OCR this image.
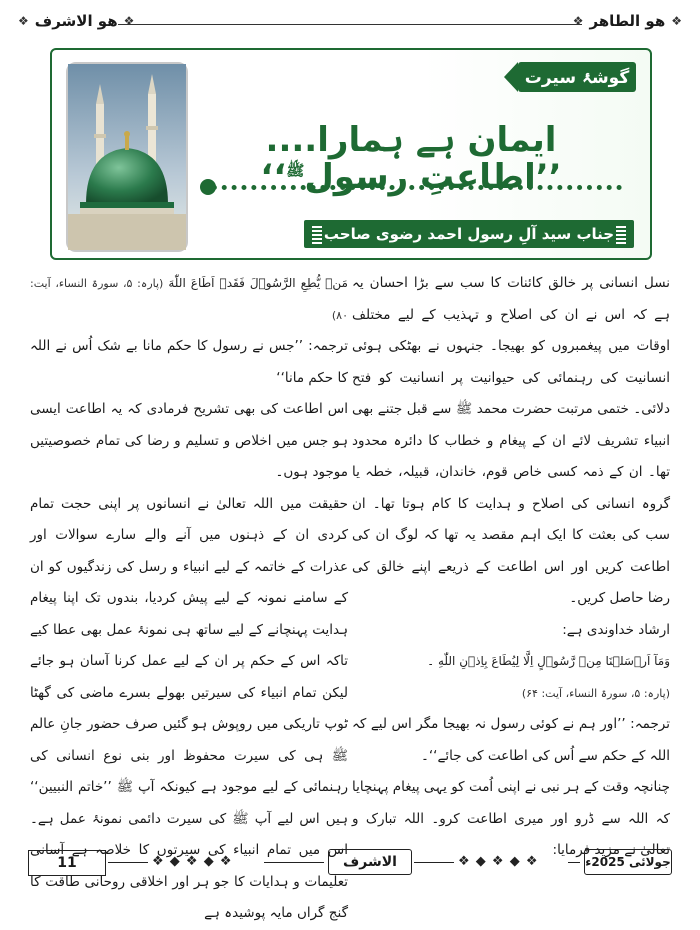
❖
هو الطاهر
❖
❖
هو الاشرف
❖
گوشۂ سیرت
ایمان ہے ہمارا.... ’’اطاعتِ رسول$^ﷺ$‘‘
جناب سید آلِ رسول احمد رضوی صاحب

نسل انسانی پر خالق کائنات کا سب سے بڑا احسان یہ ہے کہ اس نے ان کی اصلاح و تہذیب کے لیے مختلف اوقات میں پیغمبروں کو بھیجا۔ جنہوں نے بھٹکی ہوئی انسانیت کی رہنمائی کی حیوانیت پر انسانیت کو فتح دلائی۔ ختمی مرتبت حضرت محمد ﷺ سے قبل جتنے بھی انبیاء تشریف لائے ان کے پیغام و خطاب کا دائرہ محدود تھا۔ ان کے ذمہ کسی خاص قوم، خاندان، قبیلہ، خطہ یا گروہ انسانی کی اصلاح و ہدایت کا کام ہوتا تھا۔ ان سب کی بعثت کا ایک اہم مقصد یہ تھا کہ لوگ ان کی اطاعت کریں اور اس اطاعت کے ذریعے اپنے خالق کی رضا حاصل کریں۔

ارشاد خداوندی ہے:

وَمَآ اَرۡسَلۡنَا مِنۡ رَّسُوۡلٍ اِلَّا لِیُطَاعَ بِاِذۡنِ اللّٰهِ ۔

(پارہ: ۵، سورۃ النساء، آیت: ۶۴)

ترجمہ: ’’اور ہم نے کوئی رسول نہ بھیجا مگر اس لیے کہ اللہ کے حکم سے اُس کی اطاعت کی جائے‘‘۔

چنانچہ وقت کے ہر نبی نے اپنی اُمت کو یہی پیغام پہنچایا کہ اللہ سے ڈرو اور میری اطاعت کرو۔ اللہ تبارک و تعالیٰ نے مزید فرمایا:

مَنۡ يُّطِعِ الرَّسُوۡلَ فَقَدۡ اَطَاعَ اللّٰهَ (پارہ: ۵، سورۃ النساء، آیت: ۸۰)

ترجمہ: ’’جس نے رسول کا حکم مانا بے شک اُس نے اللہ کا حکم مانا‘‘

اس اطاعت کی بھی تشریح فرمادی کہ یہ اطاعت ایسی ہو جس میں اخلاص و تسلیم و رضا کی تمام خصوصیتیں موجود ہوں۔

حقیقت میں اللہ تعالیٰ نے انسانوں پر اپنی حجت تمام کردی ان کے ذہنوں میں آنے والے سارے سوالات اور عذرات کے خاتمہ کے لیے انبیاء و رسل کی زندگیوں کو ان کے سامنے نمونہ کے لیے پیش کردیا، بندوں تک اپنا پیغام ہدایت پہنچانے کے لیے ساتھ ہی نمونۂ عمل بھی عطا کیے تاکہ اس کے حکم پر ان کے لیے عمل کرنا آسان ہو جائے لیکن تمام انبیاء کی سیرتیں بھولے بسرے ماضی کی گھٹا ٹوپ تاریکی میں روپوش ہو گئیں صرف حضور جانِ عالم ﷺ ہی کی سیرت محفوظ اور بنی نوع انسانی کی رہنمائی کے لیے موجود ہے کیونکہ آپ ﷺ ’’خاتم النبیین‘‘ ہیں اس لیے آپ ﷺ کی سیرت دائمی نمونۂ عمل ہے۔ اس میں تمام انبیاء کی سیرتوں کا خلاصہ ہے آسانی تعلیمات و ہدایات کا جو ہر اور اخلاقی روحانی طاقت کا گنج گراں مایہ پوشیدہ ہے

11	❖ ◆ ❖ ◆ ❖	الاشرف	❖ ◆ ❖ ◆ ❖	جولائی 2025ء
